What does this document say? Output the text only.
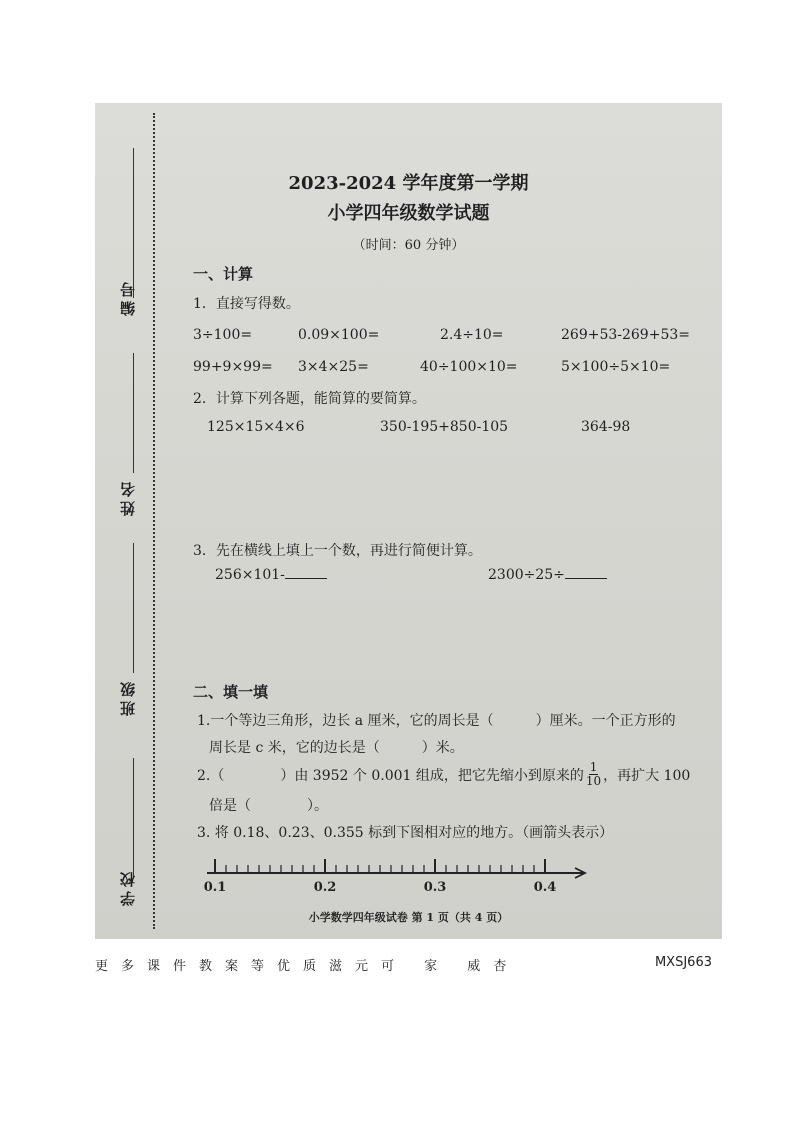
编号
姓名
班级
学校
2023-2024 学年度第一学期
小学四年级数学试题
（时间：60 分钟）
一、计算
1．直接写得数。
3÷100=	0.09×100=	2.4÷10=	269+53-269+53=
99+9×99= 3×4×25=	40÷100×10=	5×100÷5×10=
2．计算下列各题，能简算的要简算。
125×15×4×6	350-195+850-105	364-98
3．先在横线上填上一个数，再进行简便计算。
256×101-	2300÷25÷
二、填一填
1.一个等边三角形，边长 a 厘米，它的周长是（　　　）厘米。一个正方形的
周长是 c 米，它的边长是（　　　）米。
2.（　　　　）由 3952 个 0.001 组成，把它先缩小到原来的 $\frac{1}{10}$ ，再扩大 100
倍是（　　　　）。
3. 将 0.18、0.23、0.355 标到下图相对应的地方。（画箭头表示）
0.1	0.2	0.3	0.4
小学数学四年级试卷 第 1 页（共 4 页）
更多课件教案等优质滋元可 家 威杏	MXSJ663
